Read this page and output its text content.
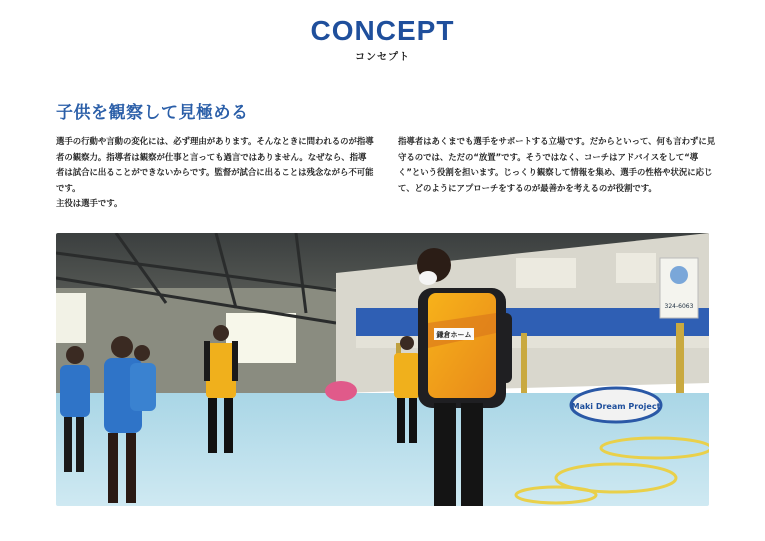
CONCEPT
コンセプト
子供を観察して見極める

選手の行動や言動の変化には、必ず理由があります。そんなときに問われるのが指導者の観察力。指導者は観察が仕事と言っても過言ではありません。なぜなら、指導者は試合に出ることができないからです。監督が試合に出ることは残念ながら不可能です。

主役は選手です。

指導者はあくまでも選手をサポートする立場です。だからといって、何も言わずに見守るのでは、ただの“放置”です。そうではなく、コーチはアドバイスをして“導く”という役割を担います。じっくり観察して情報を集め、選手の性格や状況に応じて、どのようにアプローチをするのが最善かを考えるのが役割です。

324-6063
Maki Dream Project
鎌倉ホーム
